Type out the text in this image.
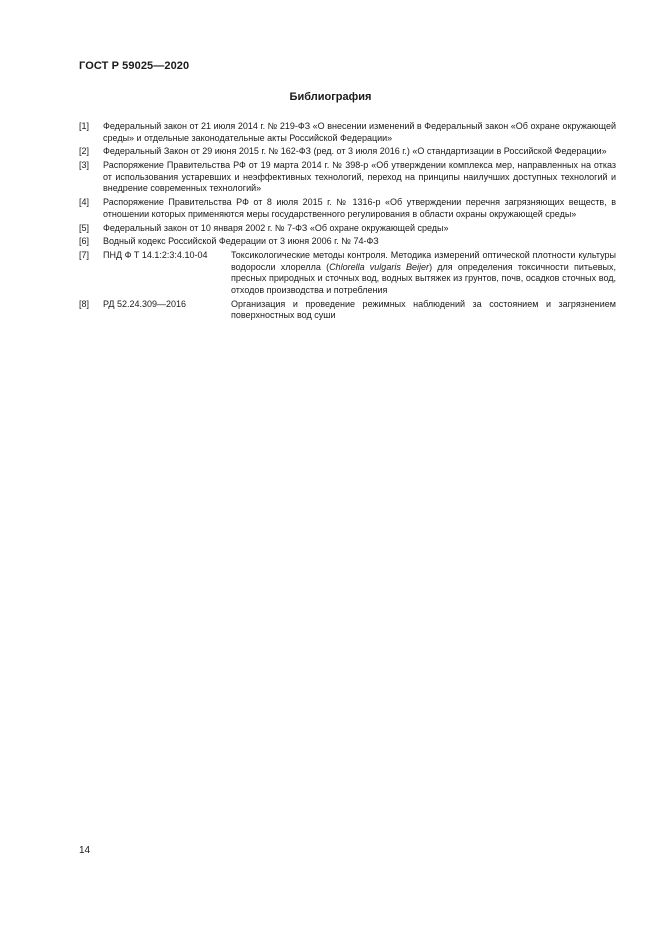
ГОСТ Р 59025—2020
Библиография
[1]	Федеральный закон от 21 июля 2014 г. № 219-ФЗ «О внесении изменений в Федеральный закон «Об охране окружающей среды» и отдельные законодательные акты Российской Федерации»
[2]	Федеральный Закон от 29 июня 2015 г. № 162-ФЗ (ред. от 3 июля 2016 г.) «О стандартизации в Российской Федерации»
[3]	Распоряжение Правительства РФ от 19 марта 2014 г. № 398-р «Об утверждении комплекса мер, направленных на отказ от использования устаревших и неэффективных технологий, переход на принципы наилучших доступных технологий и внедрение современных технологий»
[4]	Распоряжение Правительства РФ от 8 июля 2015 г. № 1316-р «Об утверждении перечня загрязняющих веществ, в отношении которых применяются меры государственного регулирования в области охраны окружающей среды»
[5]	Федеральный закон от 10 января 2002 г. № 7-ФЗ «Об охране окружающей среды»
[6]	Водный кодекс Российской Федерации от 3 июня 2006 г. № 74-ФЗ
[7]	ПНД Ф Т 14.1:2:3:4.10-04	Токсикологические методы контроля. Методика измерений оптической плотности культуры водоросли хлорелла (Chlorella vulgaris Beijer) для определения токсичности питьевых, пресных природных и сточных вод, водных вытяжек из грунтов, почв, осадков сточных вод, отходов производства и потребления
[8]	РД 52.24.309—2016	Организация и проведение режимных наблюдений за состоянием и загрязнением поверхностных вод суши
14
